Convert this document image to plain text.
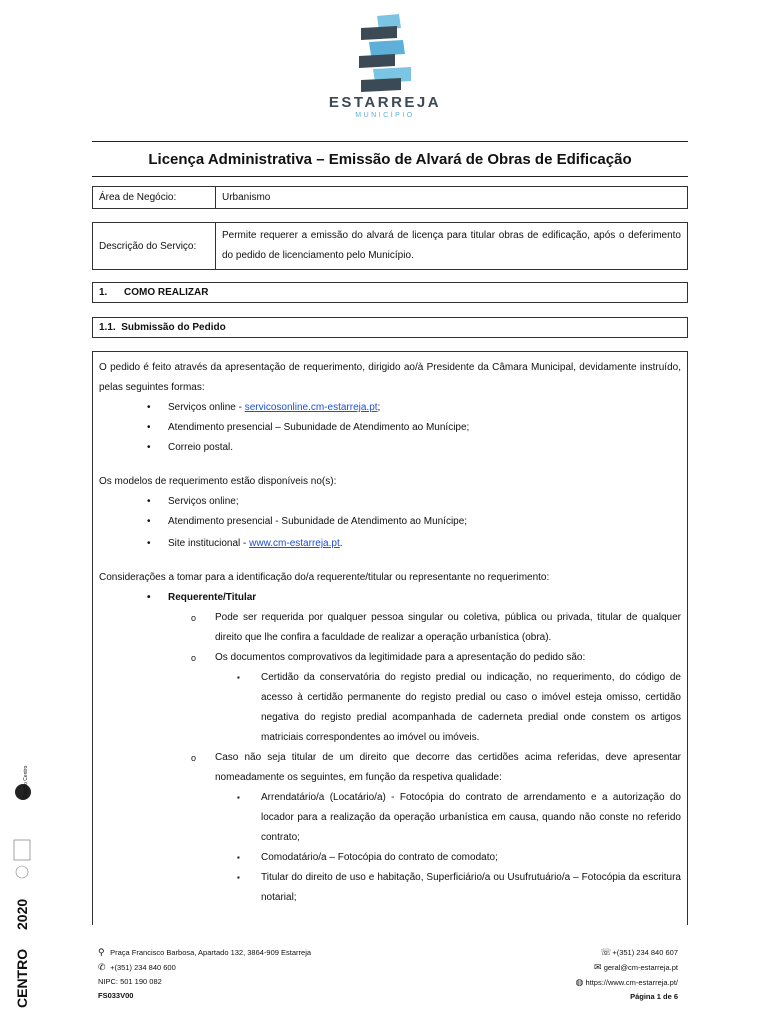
ESTARREJA
MUNICÍPIO
Licença Administrativa – Emissão de Alvará de Obras de Edificação
Área de Negócio:	Urbanismo
Descrição do Serviço:	Permite requerer a emissão do alvará de licença para titular obras de edificação, após o deferimento do pedido de licenciamento pelo Município.
1.      COMO REALIZAR
1.1.  Submissão do Pedido

O pedido é feito através da apresentação de requerimento, dirigido ao/à Presidente da Câmara Municipal, devidamente instruído, pelas seguintes formas:

• Serviços online - servicosonline.cm-estarreja.pt;
• Atendimento presencial – Subunidade de Atendimento ao Munícipe;
• Correio postal.

Os modelos de requerimento estão disponíveis no(s):

• Serviços online;
• Atendimento presencial - Subunidade de Atendimento ao Munícipe;
• Site institucional - www.cm-estarreja.pt.

Considerações a tomar para a identificação do/a requerente/titular ou representante no requerimento:

• Requerente/Titular
o Pode ser requerida por qualquer pessoa singular ou coletiva, pública ou privada, titular de qualquer direito que lhe confira a faculdade de realizar a operação urbanística (obra).
o Os documentos comprovativos da legitimidade para a apresentação do pedido são:
▪ Certidão da conservatória do registo predial ou indicação, no requerimento, do código de acesso à certidão permanente do registo predial ou caso o imóvel esteja omisso, certidão negativa do registo predial acompanhada de caderneta predial onde constem os artigos matriciais correspondentes ao imóvel ou imóveis.
o Caso não seja titular de um direito que decorre das certidões acima referidas, deve apresentar nomeadamente os seguintes, em função da respetiva qualidade:
▪ Arrendatário/a (Locatário/a) - Fotocópia do contrato de arrendamento e a autorização do locador para a realização da operação urbanística em causa, quando não conste no referido contrato;
▪ Comodatário/a – Fotocópia do contrato de comodato;
▪ Titular do direito de uso e habitação, Superficiário/a ou Usufrutuário/a – Fotocópia da escritura notarial;
Região Centro
2020
CENTRO	⚲ Praça Francisco Barbosa, Apartado 132, 3864-909 Estarreja
✆ +(351) 234 840 600
NIPC: 501 190 082
FS033V00
☏ +(351) 234 840 607
✉ geral@cm-estarreja.pt
◍ https://www.cm-estarreja.pt/
Página 1 de 6
